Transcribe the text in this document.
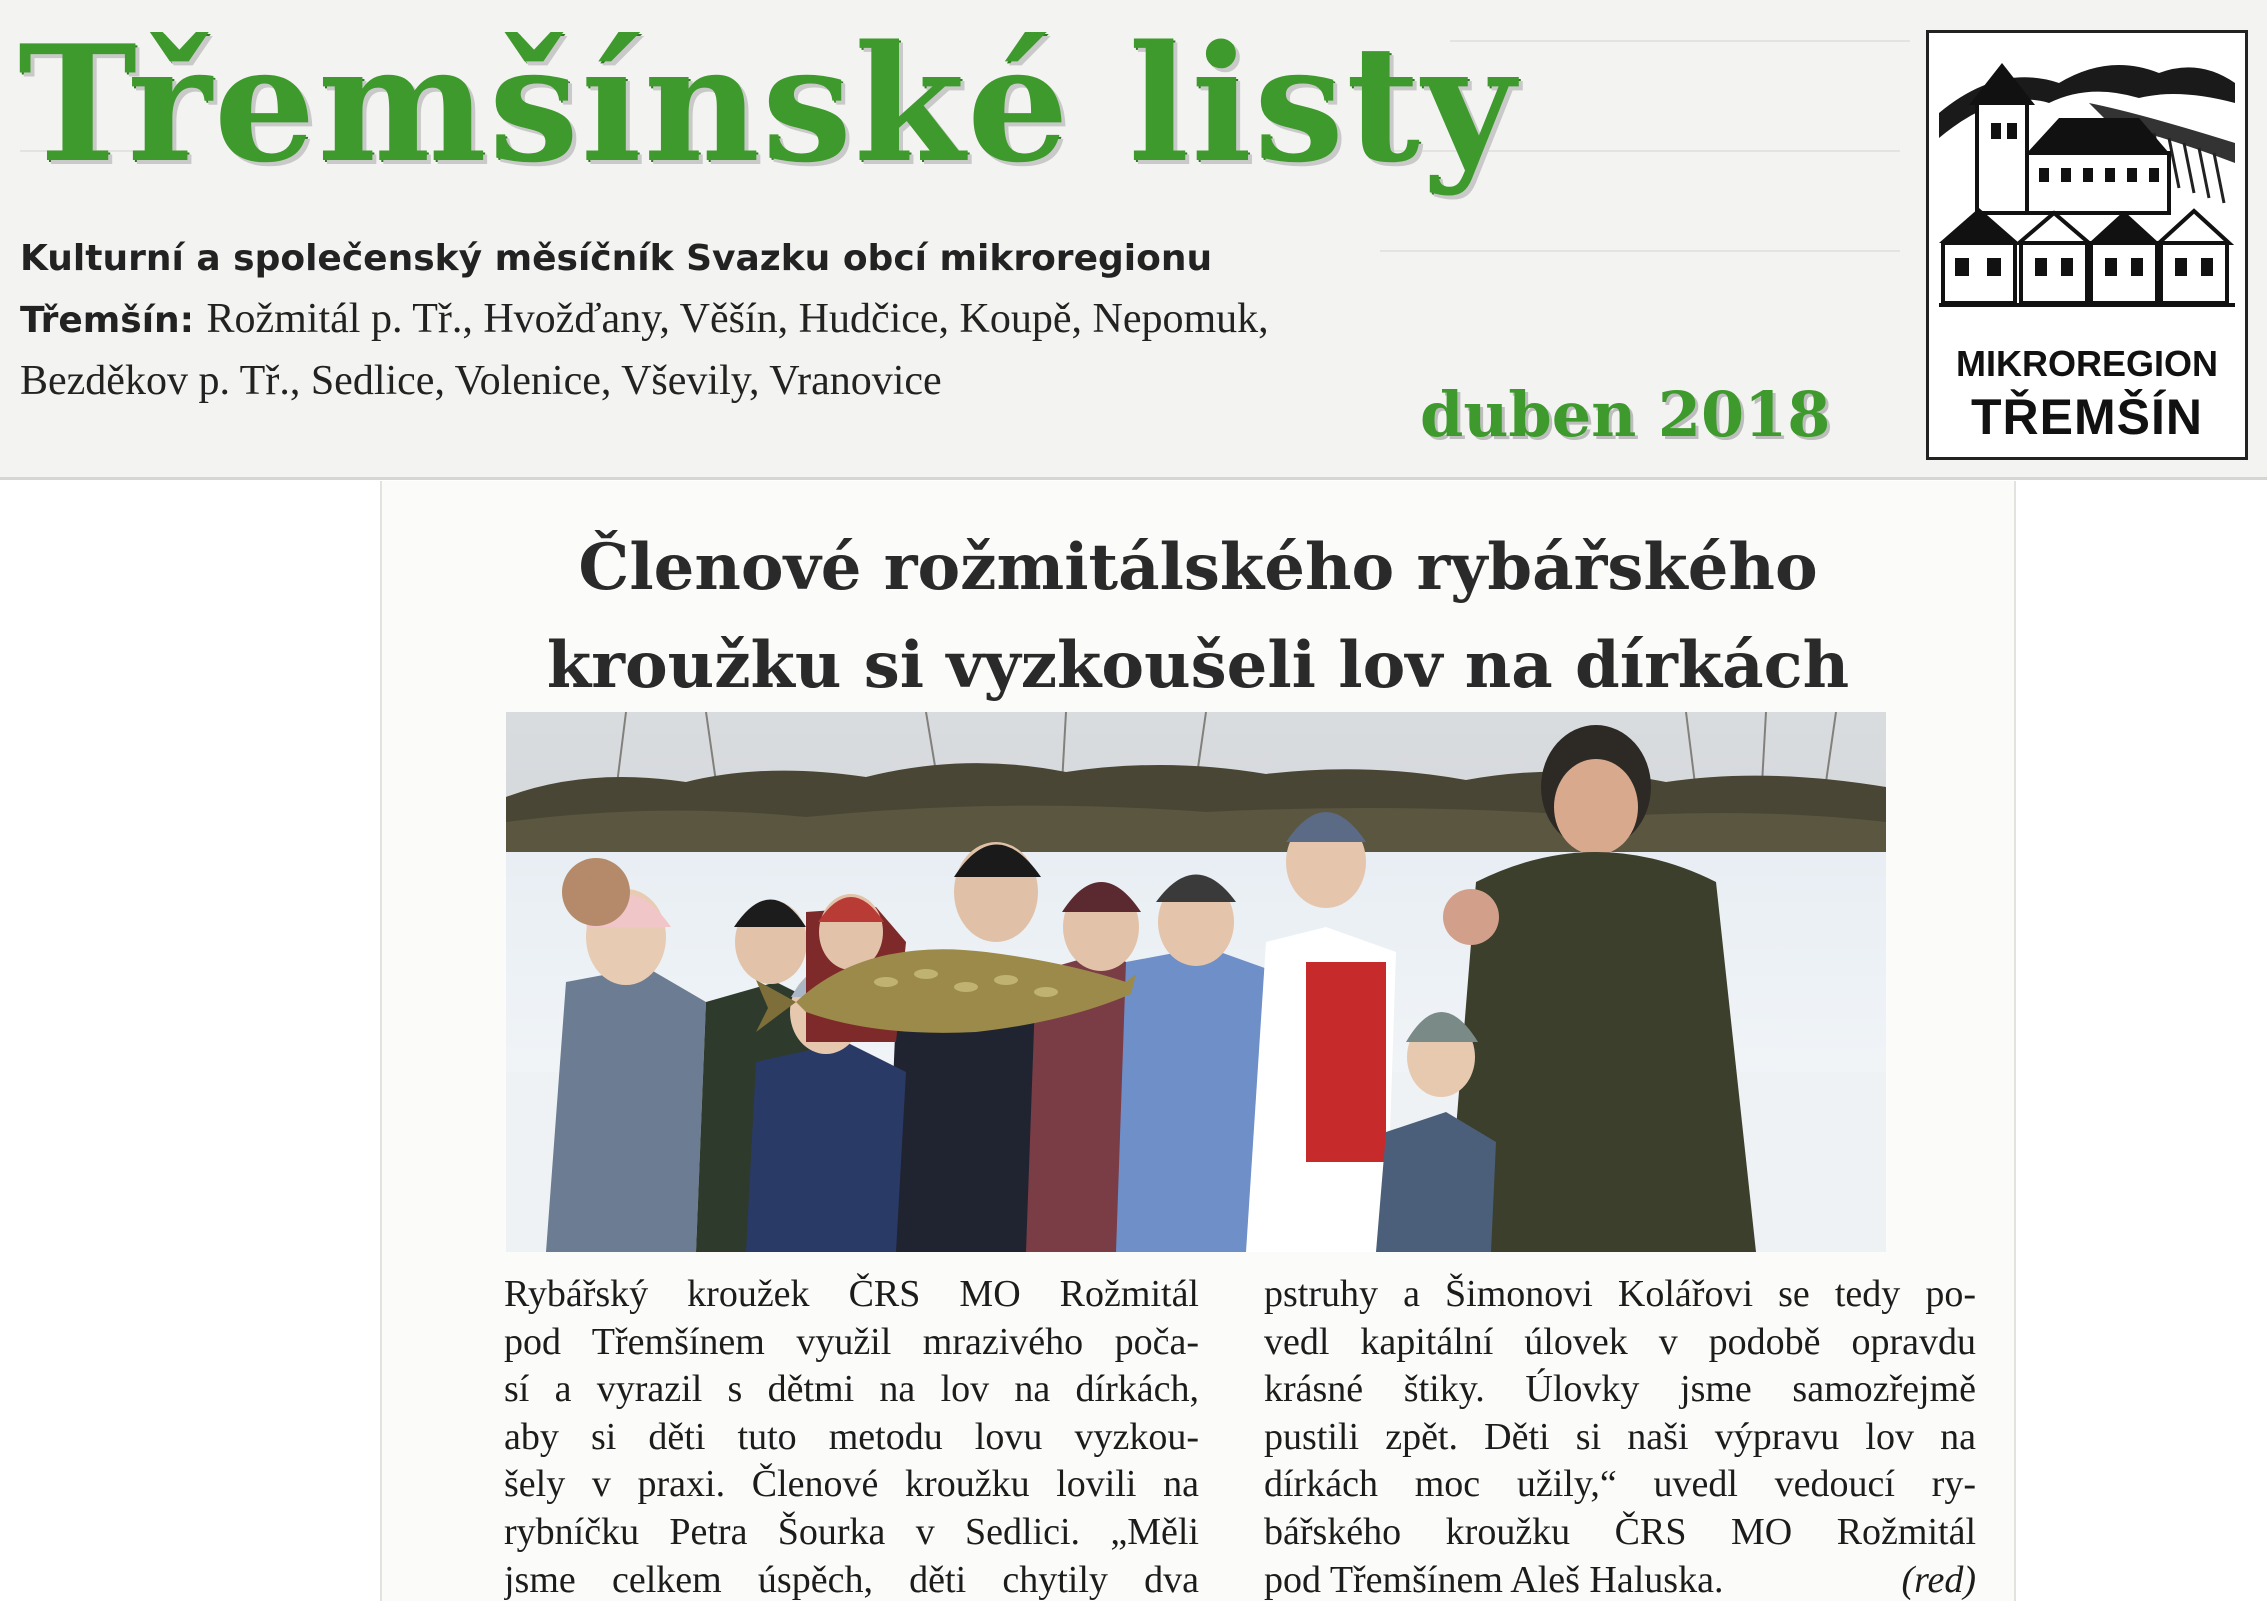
Třemšínské listy
Kulturní a společenský měsíčník Svazku obcí mikroregionu Třemšín: Rožmitál p. Tř., Hvožďany, Věšín, Hudčice, Koupě, Nepomuk, Bezděkov p. Tř., Sedlice, Volenice, Vševily, Vranovice	duben 2018
MIKROREGION
TŘEMŠÍN
Členové rožmitálského rybářského
kroužku si vyzkoušeli lov na dírkách
Rybářský kroužek ČRS MO Rožmitál
pod Třemšínem využil mrazivého poča-
sí a vyrazil s dětmi na lov na dírkách,
aby si děti tuto metodu lovu vyzkou-
šely v praxi. Členové kroužku lovili na
rybníčku Petra Šourka v Sedlici. „Měli
jsme celkem úspěch, děti chytily dva
pstruhy a Šimonovi Kolářovi se tedy po-
vedl kapitální úlovek v podobě opravdu
krásné štiky. Úlovky jsme samozřejmě
pustili zpět. Děti si naši výpravu lov na
dírkách moc užily,“ uvedl vedoucí ry-
bářského kroužku ČRS MO Rožmitál
pod Třemšínem Aleš Haluska.	(red)
